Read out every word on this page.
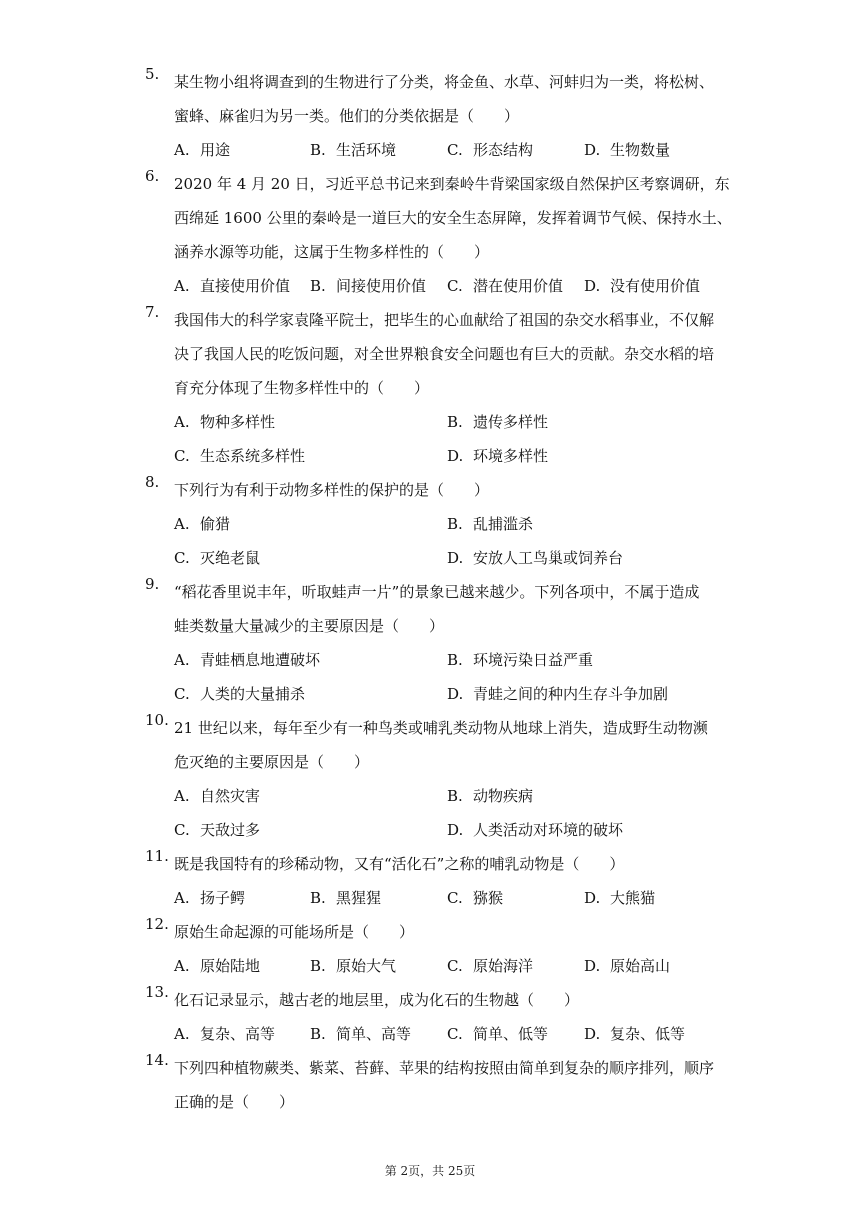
5. 某生物小组将调查到的生物进行了分类，将金鱼、水草、河蚌归为一类，将松树、
蜜蜂、麻雀归为另一类。他们的分类依据是（　　）
A. 用途	B. 生活环境	C. 形态结构	D. 生物数量
6. 2020 年 4 月 20 日，习近平总书记来到秦岭牛背梁国家级自然保护区考察调研，东
西绵延 1600 公里的秦岭是一道巨大的安全生态屏障，发挥着调节气候、保持水土、
涵养水源等功能，这属于生物多样性的（　　）
A. 直接使用价值 B. 间接使用价值 C. 潜在使用价值 D. 没有使用价值
7. 我国伟大的科学家袁隆平院士，把毕生的心血献给了祖国的杂交水稻事业，不仅解
决了我国人民的吃饭问题，对全世界粮食安全问题也有巨大的贡献。杂交水稻的培
育充分体现了生物多样性中的（　　）
A. 物种多样性	B. 遗传多样性
C. 生态系统多样性	D. 环境多样性
8. 下列行为有利于动物多样性的保护的是（　　）
A. 偷猎	B. 乱捕滥杀
C. 灭绝老鼠	D. 安放人工鸟巢或饲养台
9. “稻花香里说丰年，听取蛙声一片”的景象已越来越少。下列各项中，不属于造成
蛙类数量大量减少的主要原因是（　　）
A. 青蛙栖息地遭破坏	B. 环境污染日益严重
C. 人类的大量捕杀	D. 青蛙之间的种内生存斗争加剧
10. 21 世纪以来，每年至少有一种鸟类或哺乳类动物从地球上消失，造成野生动物濒
危灭绝的主要原因是（　　）
A. 自然灾害	B. 动物疾病
C. 天敌过多	D. 人类活动对环境的破坏
11. 既是我国特有的珍稀动物，又有“活化石”之称的哺乳动物是（　　）
A. 扬子鳄	B. 黑猩猩	C. 猕猴	D. 大熊猫
12. 原始生命起源的可能场所是（　　）
A. 原始陆地	B. 原始大气	C. 原始海洋	D. 原始高山
13. 化石记录显示，越古老的地层里，成为化石的生物越（　　）
A. 复杂、高等 B. 简单、高等 C. 简单、低等 D. 复杂、低等
14. 下列四种植物蕨类、紫菜、苔藓、苹果的结构按照由简单到复杂的顺序排列，顺序
正确的是（　　）
第 2页，共 25页
